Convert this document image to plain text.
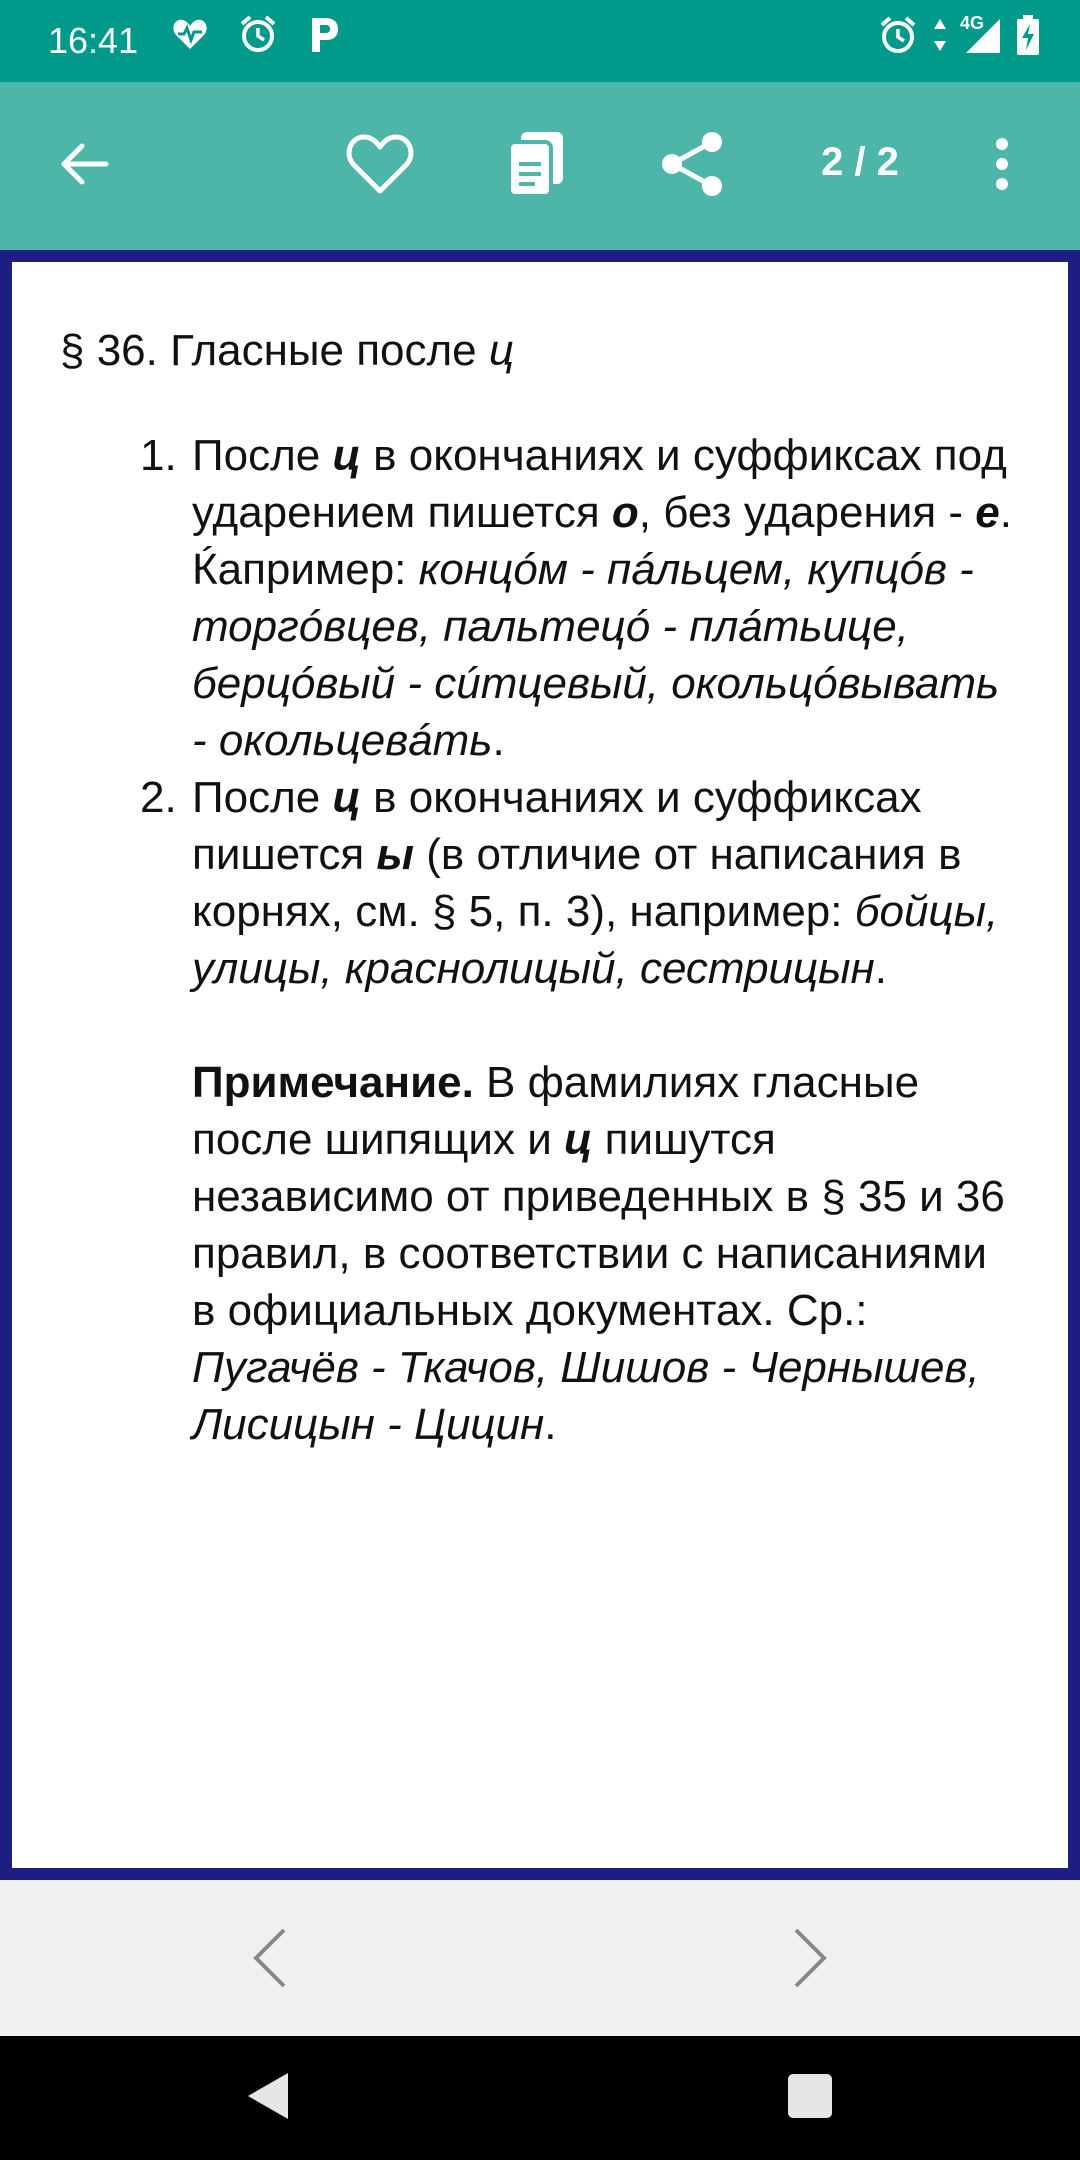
16:41	4G
2 / 2
§ 36. Гласные после ц
1. После ц в окончаниях и суффиксах под ударением пишется о, без ударения - е. Ќапример: концóм - пáльцем, купцóв - торгóвцев, пальтецó - плáтьице, берцóвый - сúтцевый, окольцóвывать - окольцевáть.
2. После ц в окончаниях и суффиксах пишется ы (в отличие от написания в корнях, см. § 5, п. 3), например: бойцы, улицы, краснолицый, сестрицын.
Примечание. В фамилиях гласные после шипящих и ц пишутся независимо от приведенных в § 35 и 36 правил, в соответствии с написаниями в официальных документах. Ср.: Пугачёв - Ткачов, Шишов - Чернышев, Лисицын - Цицин.
